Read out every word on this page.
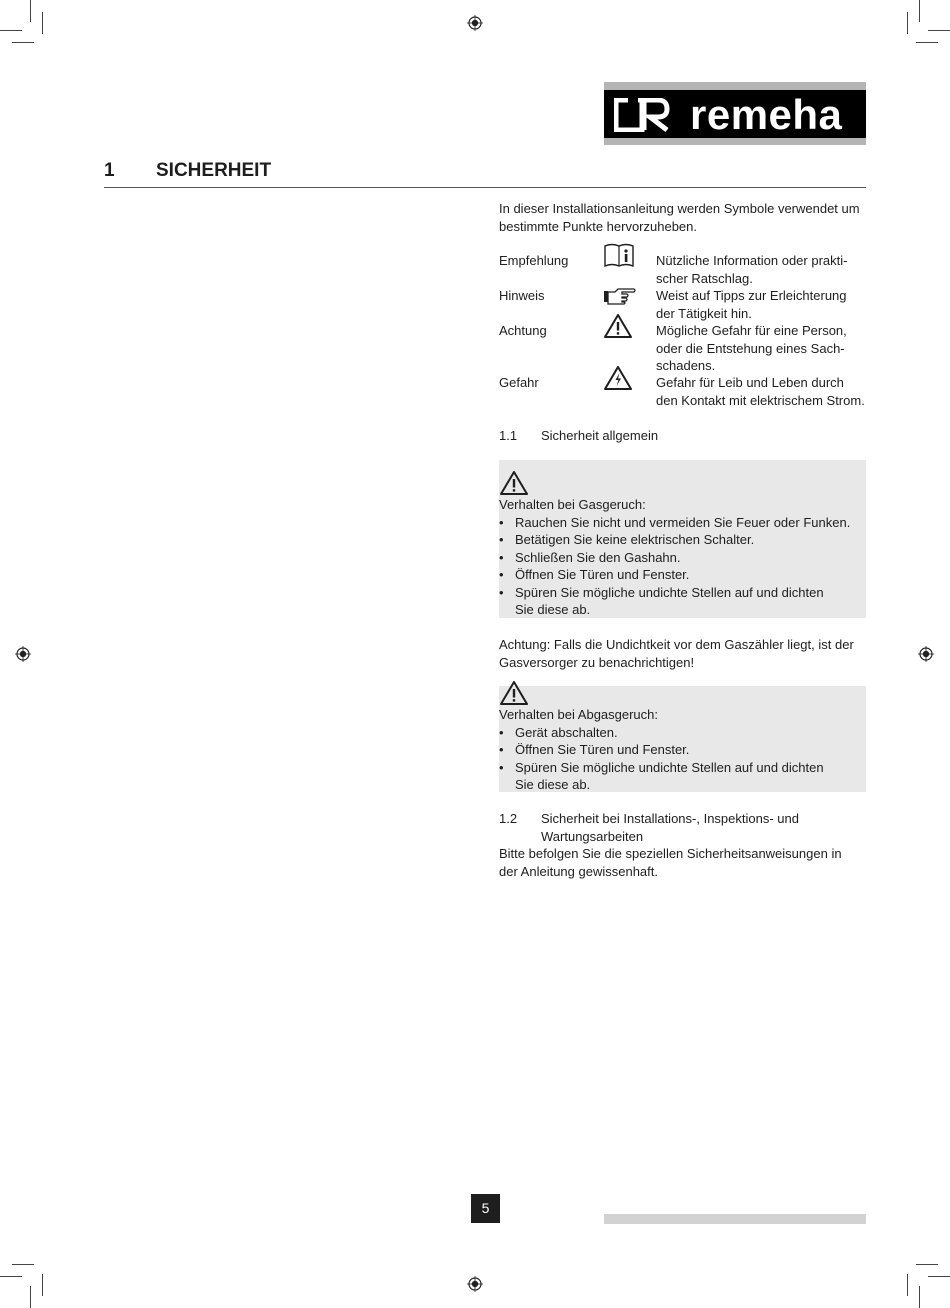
remeha
1 SICHERHEIT
In dieser Installationsanleitung werden Symbole verwendet um bestimmte Punkte hervorzuheben.
Empfehlung	Nützliche Information oder prakti-
scher Ratschlag.
Hinweis	Weist auf Tipps zur Erleichterung
der Tätigkeit hin.
Achtung	Mögliche Gefahr für eine Person,
oder die Entstehung eines Sach-
schadens.
Gefahr	Gefahr für Leib und Leben durch
den Kontakt mit elektrischem Strom.
1.1 Sicherheit allgemein
Verhalten bei Gasgeruch:
• Rauchen Sie nicht und vermeiden Sie Feuer oder Funken.
• Betätigen Sie keine elektrischen Schalter.
• Schließen Sie den Gashahn.
• Öffnen Sie Türen und Fenster.
• Spüren Sie mögliche undichte Stellen auf und dichten
Sie diese ab.
Achtung: Falls die Undichtkeit vor dem Gaszähler liegt, ist der
Gasversorger zu benachrichtigen!
Verhalten bei Abgasgeruch:
• Gerät abschalten.
• Öffnen Sie Türen und Fenster.
• Spüren Sie mögliche undichte Stellen auf und dichten
Sie diese ab.
1.2 Sicherheit bei Installations-, Inspektions- und
Wartungsarbeiten
Bitte befolgen Sie die speziellen Sicherheitsanweisungen in
der Anleitung gewissenhaft.
5
